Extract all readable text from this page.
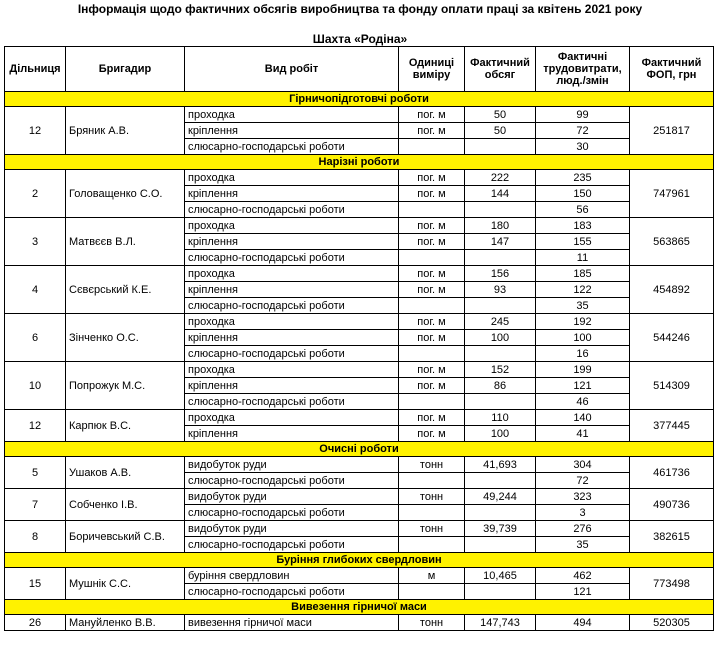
Інформація щодо фактичних обсягів виробництва та фонду оплати праці за квітень 2021 року
Шахта «Родіна»
Дільниця	Бригадир	Вид робіт	Одиниці виміру	Фактичний обсяг	Фактичні трудовитрати, люд./змін	Фактичний ФОП, грн
Гірничопідготовчі роботи						
12	Бряник А.В.	проходка	пог. м	50	99	251817
		кріплення	пог. м	50	72	
		слюсарно-господарські роботи			30	
Нарізні роботи						
2	Головащенко С.О.	проходка	пог. м	222	235	747961
		кріплення	пог. м	144	150	
		слюсарно-господарські роботи			56	
3	Матвєєв В.Л.	проходка	пог. м	180	183	563865
		кріплення	пог. м	147	155	
		слюсарно-господарські роботи			11	
4	Сєвєрський К.Е.	проходка	пог. м	156	185	454892
		кріплення	пог. м	93	122	
		слюсарно-господарські роботи			35	
6	Зінченко О.С.	проходка	пог. м	245	192	544246
		кріплення	пог. м	100	100	
		слюсарно-господарські роботи			16	
10	Попрожук М.С.	проходка	пог. м	152	199	514309
		кріплення	пог. м	86	121	
		слюсарно-господарські роботи			46	
12	Карпюк В.С.	проходка	пог. м	110	140	377445
		кріплення	пог. м	100	41	
Очисні роботи						
5	Ушаков А.В.	видобуток руди	тонн	41,693	304	461736
		слюсарно-господарські роботи			72	
7	Собченко І.В.	видобуток руди	тонн	49,244	323	490736
		слюсарно-господарські роботи			3	
8	Боричевський С.В.	видобуток руди	тонн	39,739	276	382615
		слюсарно-господарські роботи			35	
Буріння глибоких свердловин						
15	Мушнік С.С.	буріння свердловин	м	10,465	462	773498
		слюсарно-господарські роботи			121	
Вивезення гірничої маси						
26	Мануйленко В.В.	вивезення гірничої маси	тонн	147,743	494	520305
